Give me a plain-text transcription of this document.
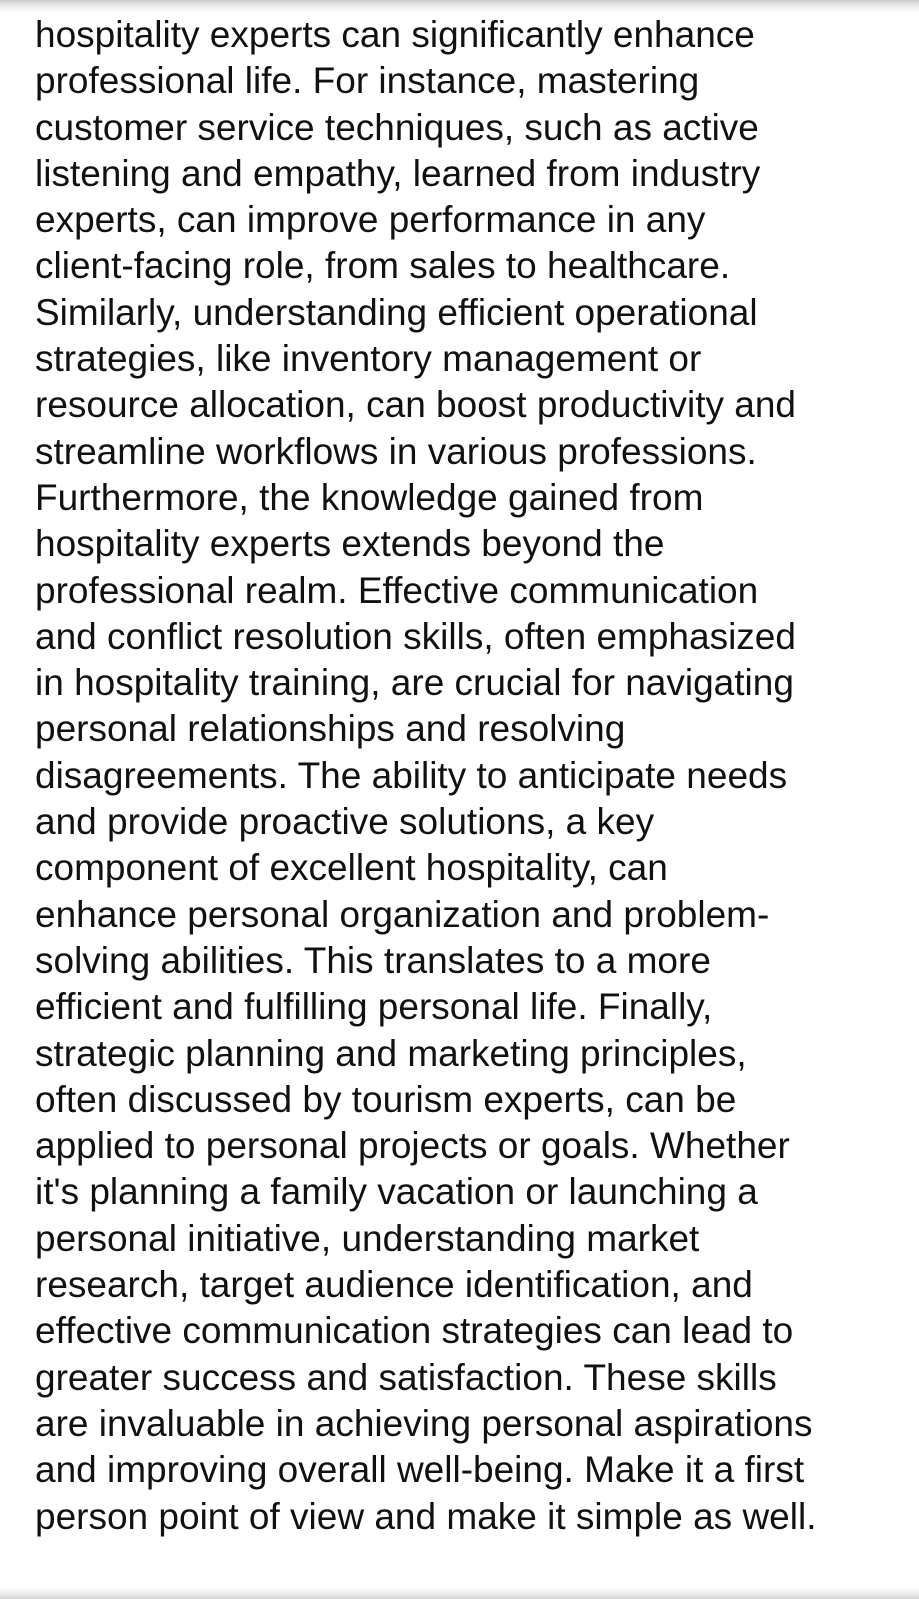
hospitality experts can significantly enhance
professional life. For instance, mastering
customer service techniques, such as active
listening and empathy, learned from industry
experts, can improve performance in any
client-facing role, from sales to healthcare.
Similarly, understanding efficient operational
strategies, like inventory management or
resource allocation, can boost productivity and
streamline workflows in various professions.
Furthermore, the knowledge gained from
hospitality experts extends beyond the
professional realm. Effective communication
and conflict resolution skills, often emphasized
in hospitality training, are crucial for navigating
personal relationships and resolving
disagreements. The ability to anticipate needs
and provide proactive solutions, a key
component of excellent hospitality, can
enhance personal organization and problem-
solving abilities. This translates to a more
efficient and fulfilling personal life. Finally,
strategic planning and marketing principles,
often discussed by tourism experts, can be
applied to personal projects or goals. Whether
it's planning a family vacation or launching a
personal initiative, understanding market
research, target audience identification, and
effective communication strategies can lead to
greater success and satisfaction. These skills
are invaluable in achieving personal aspirations
and improving overall well-being. Make it a first
person point of view and make it simple as well.
